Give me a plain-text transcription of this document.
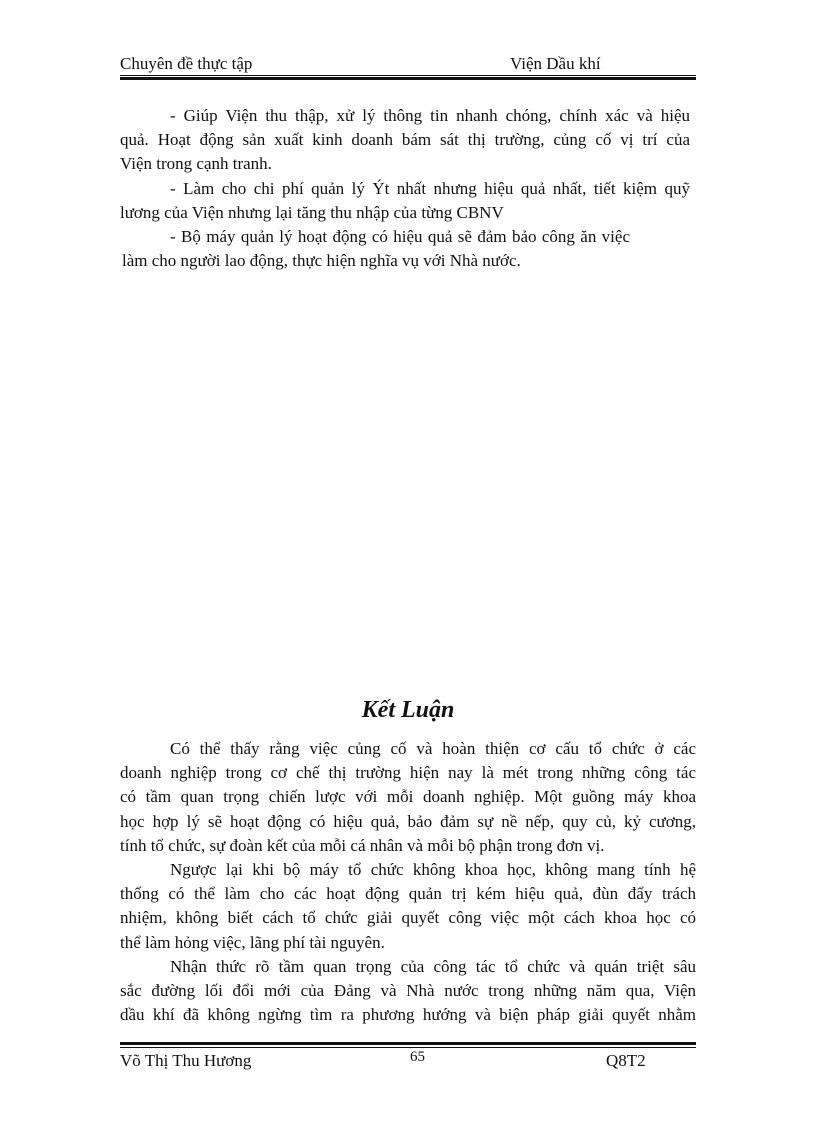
Chuyên đề thực tập	Viện Dầu khí
- Giúp Viện thu thập, xử lý thông tin nhanh chóng, chính xác và hiệu
quả. Hoạt động sản xuất kinh doanh bám sát thị trường, củng cố vị trí của
Viện trong cạnh tranh.
- Làm cho chi phí quản lý Ýt nhất nhưng hiệu quả nhất, tiết kiệm quỹ
lương của Viện nhưng lại tăng thu nhập của từng CBNV
- Bộ máy quản lý hoạt động có hiệu quả sẽ đảm bảo công ăn việc
làm cho người lao động, thực hiện nghĩa vụ với Nhà nước.
Kết Luận
Có thể thấy rằng việc củng cố và hoàn thiện cơ cấu tổ chức ở các
doanh nghiệp trong cơ chế thị trường hiện nay là mét trong những công tác
có tầm quan trọng chiến lược với mỗi doanh nghiệp. Một guồng máy khoa
học hợp lý sẽ hoạt động có hiệu quả, bảo đảm sự nề nếp, quy củ, kỷ cương,
tính tổ chức, sự đoàn kết của mỗi cá nhân và mỗi bộ phận trong đơn vị.
Ngược lại khi bộ máy tổ chức không khoa học, không mang tính hệ
thống có thể làm cho các hoạt động quản trị kém hiệu quả, đùn đẩy trách
nhiệm, không biết cách tổ chức giải quyết công việc một cách khoa học có
thể làm hỏng việc, lãng phí tài nguyên.
Nhận thức rõ tầm quan trọng của công tác tổ chức và quán triệt sâu
sắc đường lối đổi mới của Đảng và Nhà nước trong những năm qua, Viện
dầu khí đã không ngừng tìm ra phương hướng và biện pháp giải quyết nhằm
Võ Thị Thu Hương	65	Q8T2
